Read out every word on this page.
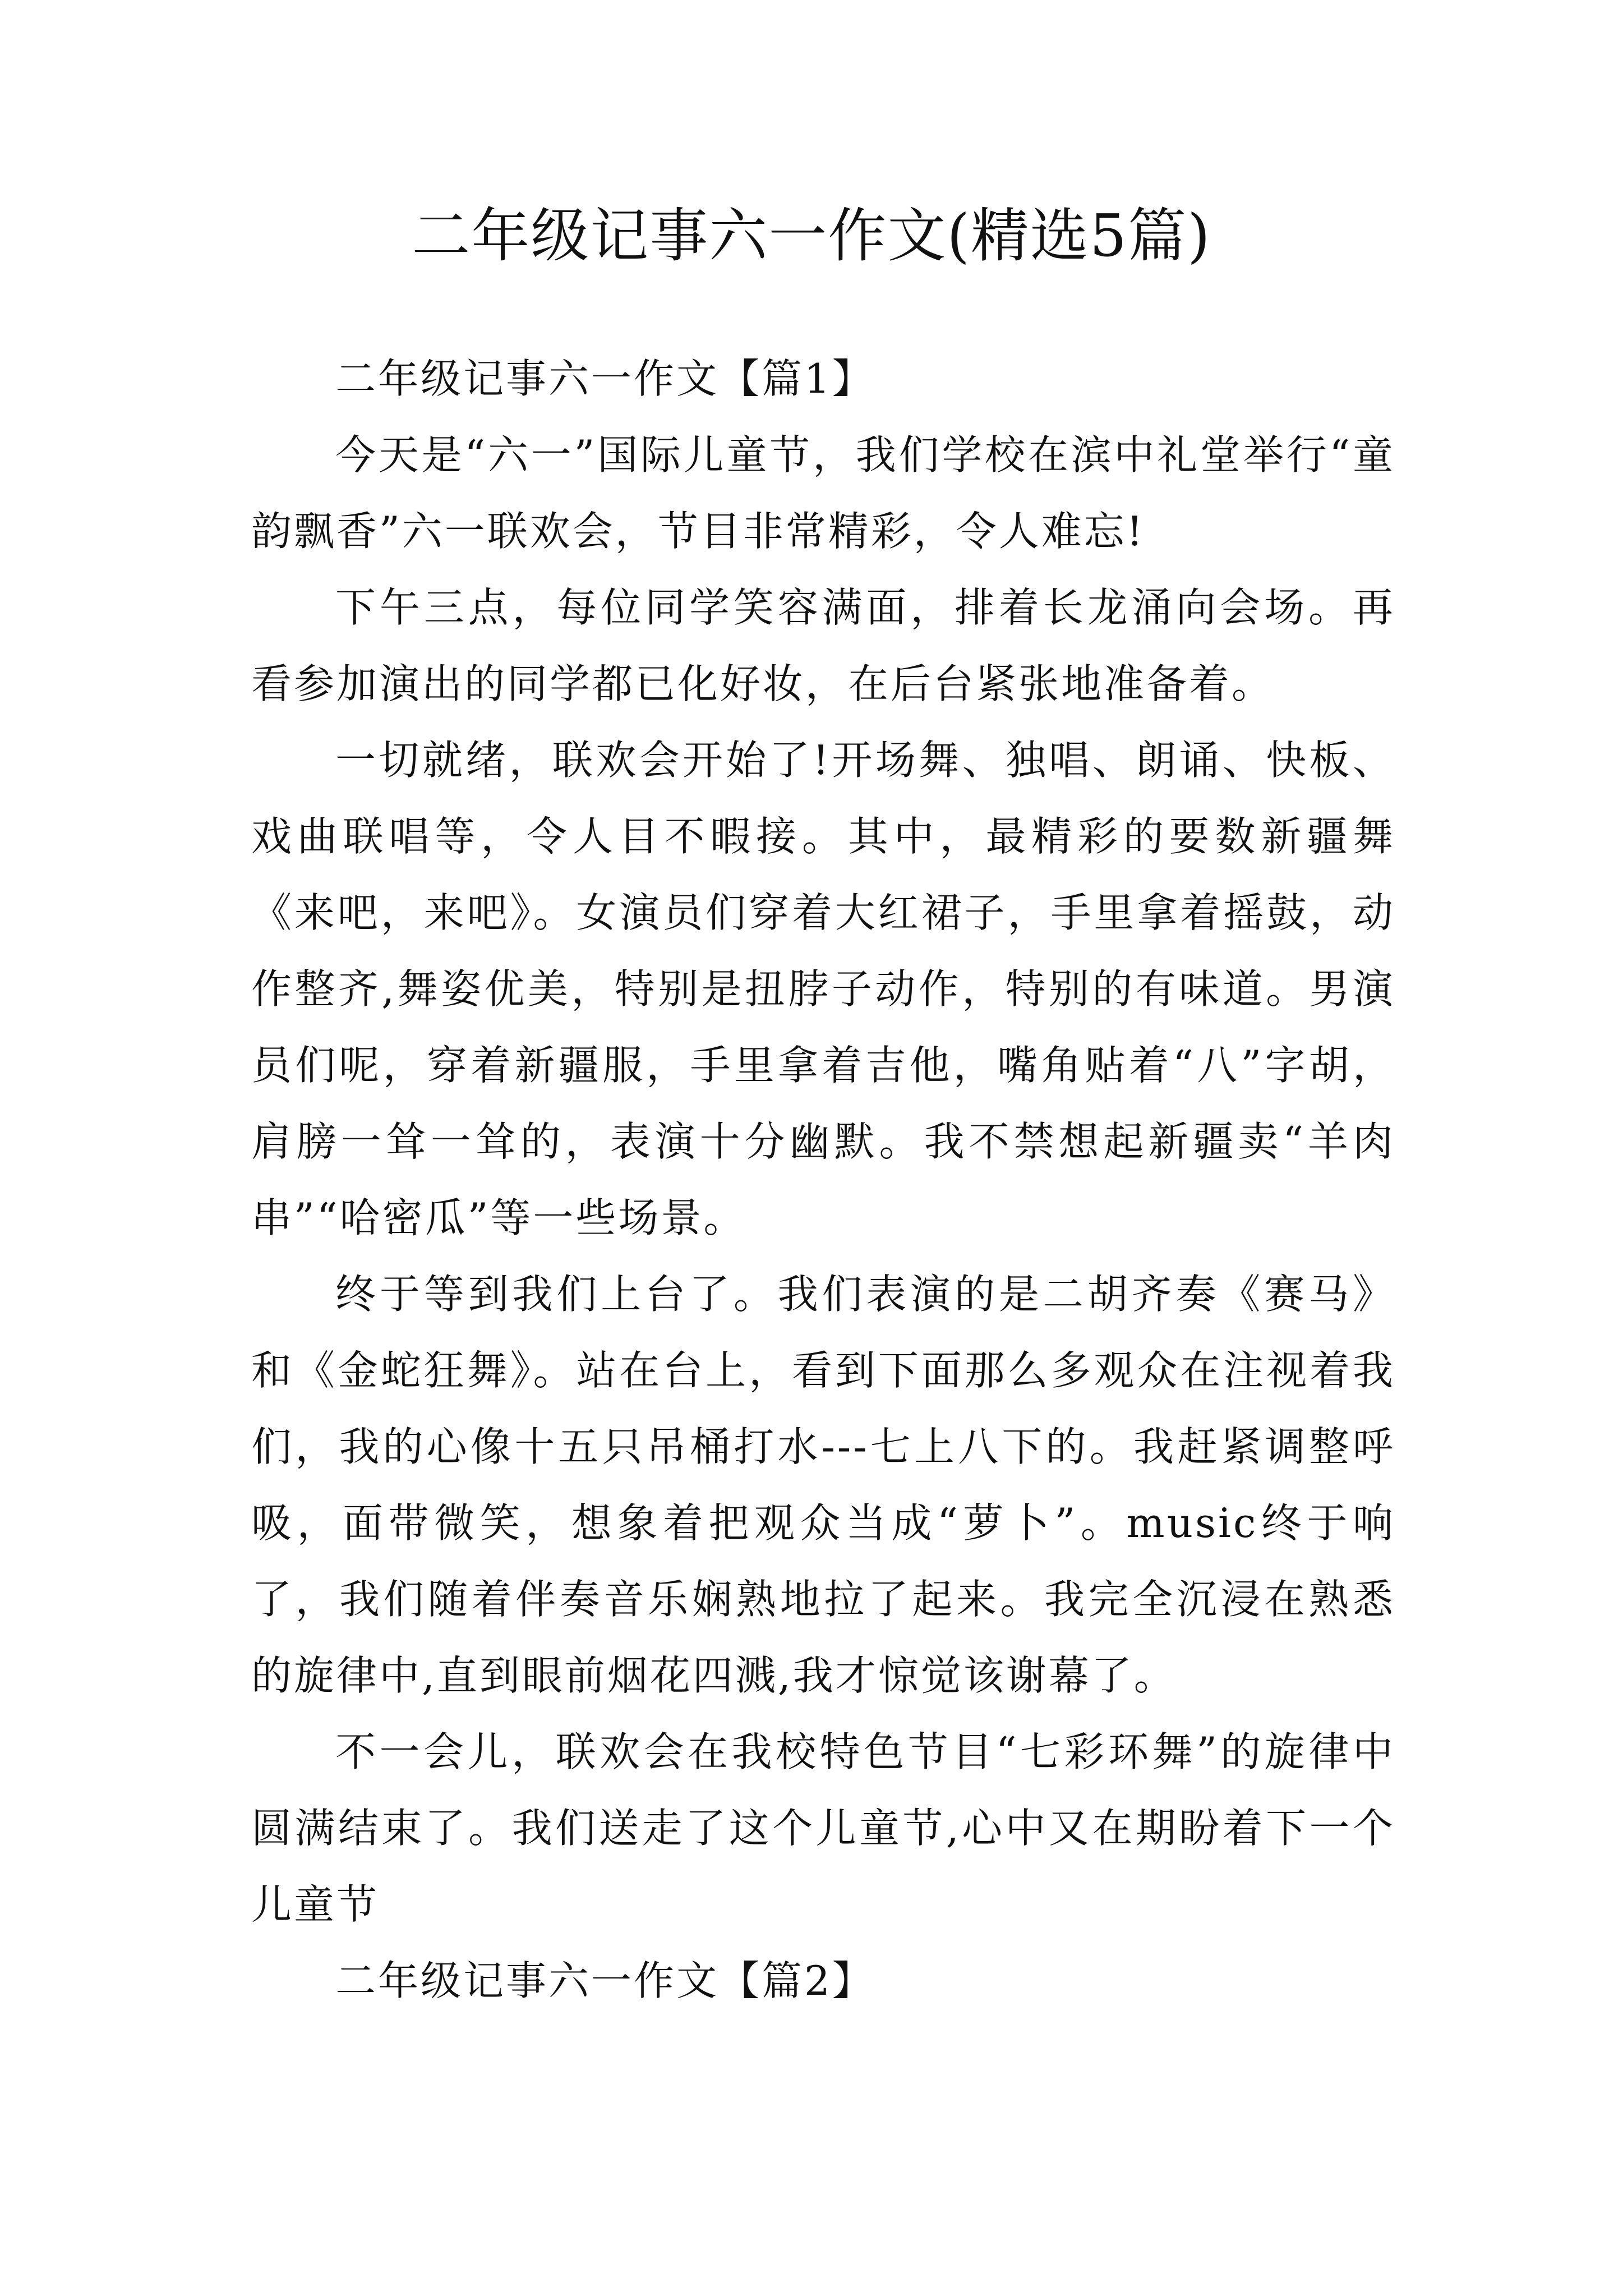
二年级记事六一作文(精选5篇)

二年级记事六一作文【篇1】

今天是“六一”国际儿童节，我们学校在滨中礼堂举行“童韵飘香”六一联欢会，节目非常精彩，令人难忘!

下午三点，每位同学笑容满面，排着长龙涌向会场。再看参加演出的同学都已化好妆，在后台紧张地准备着。

一切就绪，联欢会开始了!开场舞、独唱、朗诵、快板、戏曲联唱等，令人目不暇接。其中，最精彩的要数新疆舞《来吧，来吧》。女演员们穿着大红裙子，手里拿着摇鼓，动作整齐,舞姿优美，特别是扭脖子动作，特别的有味道。男演员们呢，穿着新疆服，手里拿着吉他，嘴角贴着“八”字胡，肩膀一耸一耸的，表演十分幽默。我不禁想起新疆卖“羊肉串”“哈密瓜”等一些场景。

终于等到我们上台了。我们表演的是二胡齐奏《赛马》和《金蛇狂舞》。站在台上，看到下面那么多观众在注视着我们，我的心像十五只吊桶打水---七上八下的。我赶紧调整呼吸，面带微笑，想象着把观众当成“萝卜”。music终于响了，我们随着伴奏音乐娴熟地拉了起来。我完全沉浸在熟悉的旋律中,直到眼前烟花四溅,我才惊觉该谢幕了。

不一会儿，联欢会在我校特色节目“七彩环舞”的旋律中圆满结束了。我们送走了这个儿童节,心中又在期盼着下一个儿童节

二年级记事六一作文【篇2】
